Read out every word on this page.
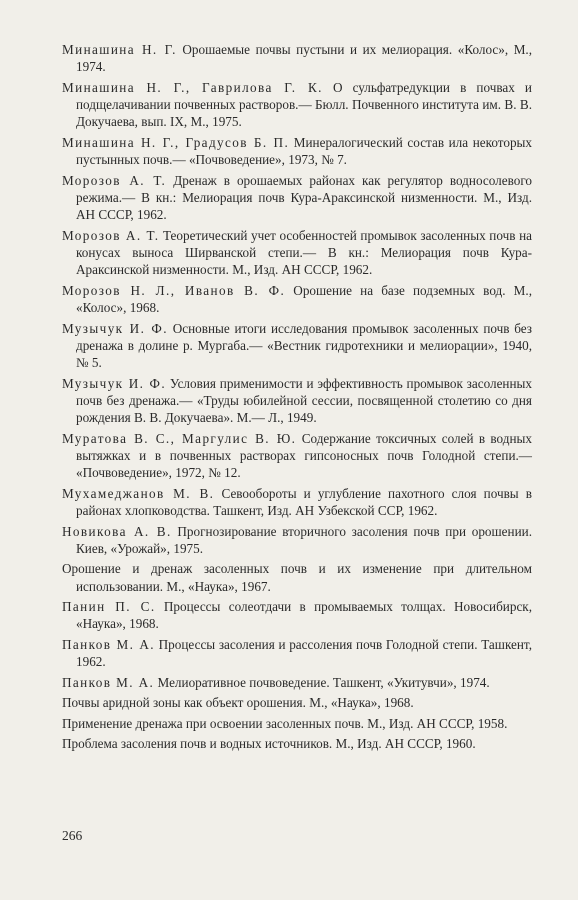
Минашина Н. Г. Орошаемые почвы пустыни и их мелиорация. «Колос», М., 1974.

Минашина Н. Г., Гаврилова Г. К. О сульфатредукции в почвах и подщелачивании почвенных растворов.— Бюлл. Почвенного института им. В. В. Докучаева, вып. IX, М., 1975.

Минашина Н. Г., Градусов Б. П. Минералогический состав ила некоторых пустынных почв.— «Почвоведение», 1973, № 7.

Морозов А. Т. Дренаж в орошаемых районах как регулятор водносолевого режима.— В кн.: Мелиорация почв Кура-Араксинской низменности. М., Изд. АН СССР, 1962.

Морозов А. Т. Теоретический учет особенностей промывок засоленных почв на конусах выноса Ширванской степи.— В кн.: Мелиорация почв Кура-Араксинской низменности. М., Изд. АН СССР, 1962.

Морозов Н. Л., Иванов В. Ф. Орошение на базе подземных вод. М., «Колос», 1968.

Музычук И. Ф. Основные итоги исследования промывок засоленных почв без дренажа в долине р. Мургаба.— «Вестник гидротехники и мелиорации», 1940, № 5.

Музычук И. Ф. Условия применимости и эффективность промывок засоленных почв без дренажа.— «Труды юбилейной сессии, посвященной столетию со дня рождения В. В. Докучаева». М.— Л., 1949.

Муратова В. С., Маргулис В. Ю. Содержание токсичных солей в водных вытяжках и в почвенных растворах гипсоносных почв Голодной степи.— «Почвоведение», 1972, № 12.

Мухамеджанов М. В. Севообороты и углубление пахотного слоя почвы в районах хлопководства. Ташкент, Изд. АН Узбекской ССР, 1962.

Новикова А. В. Прогнозирование вторичного засоления почв при орошении. Киев, «Урожай», 1975.

Орошение и дренаж засоленных почв и их изменение при длительном использовании. М., «Наука», 1967.

Панин П. С. Процессы солеотдачи в промываемых толщах. Новосибирск, «Наука», 1968.

Панков М. А. Процессы засоления и рассоления почв Голодной степи. Ташкент, 1962.

Панков М. А. Мелиоративное почвоведение. Ташкент, «Укитувчи», 1974.

Почвы аридной зоны как объект орошения. М., «Наука», 1968.

Применение дренажа при освоении засоленных почв. М., Изд. АН СССР, 1958.

Проблема засоления почв и водных источников. М., Изд. АН СССР, 1960.

266
